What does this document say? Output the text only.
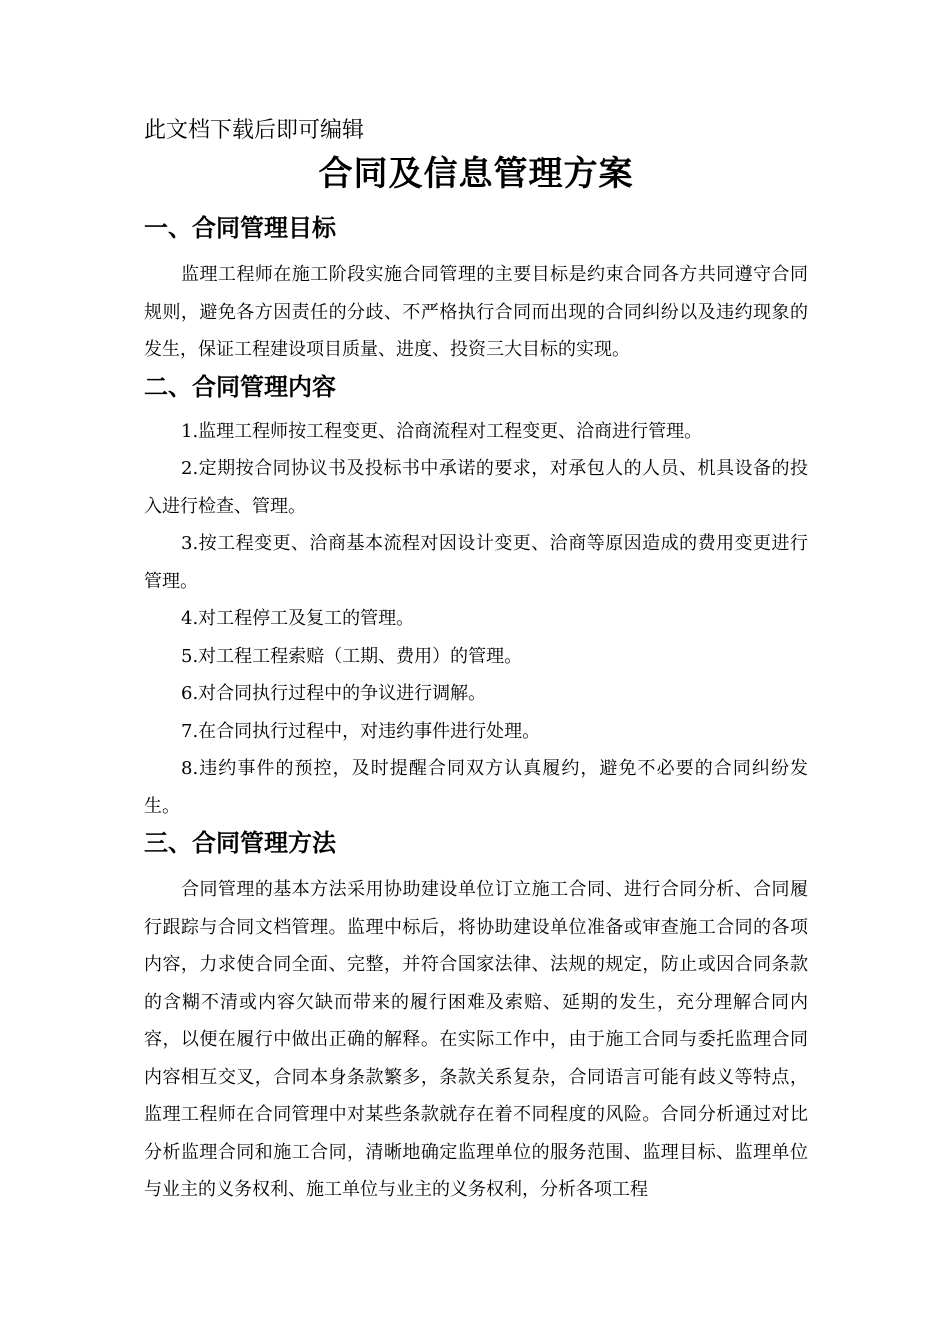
此文档下载后即可编辑

合同及信息管理方案
一、合同管理目标

监理工程师在施工阶段实施合同管理的主要目标是约束合同各方共同遵守合同规则，避免各方因责任的分歧、不严格执行合同而出现的合同纠纷以及违约现象的发生，保证工程建设项目质量、进度、投资三大目标的实现。

二、合同管理内容

1.监理工程师按工程变更、洽商流程对工程变更、洽商进行管理。

2.定期按合同协议书及投标书中承诺的要求，对承包人的人员、机具设备的投入进行检查、管理。

3.按工程变更、洽商基本流程对因设计变更、洽商等原因造成的费用变更进行管理。

4.对工程停工及复工的管理。

5.对工程工程索赔（工期、费用）的管理。

6.对合同执行过程中的争议进行调解。

7.在合同执行过程中，对违约事件进行处理。

8.违约事件的预控，及时提醒合同双方认真履约，避免不必要的合同纠纷发生。

三、合同管理方法

合同管理的基本方法采用协助建设单位订立施工合同、进行合同分析、合同履行跟踪与合同文档管理。监理中标后，将协助建设单位准备或审查施工合同的各项内容，力求使合同全面、完整，并符合国家法律、法规的规定，防止或因合同条款的含糊不清或内容欠缺而带来的履行困难及索赔、延期的发生，充分理解合同内容，以便在履行中做出正确的解释。在实际工作中，由于施工合同与委托监理合同内容相互交叉，合同本身条款繁多，条款关系复杂，合同语言可能有歧义等特点，监理工程师在合同管理中对某些条款就存在着不同程度的风险。合同分析通过对比分析监理合同和施工合同，清晰地确定监理单位的服务范围、监理目标、监理单位与业主的义务权利、施工单位与业主的义务权利，分析各项工程
